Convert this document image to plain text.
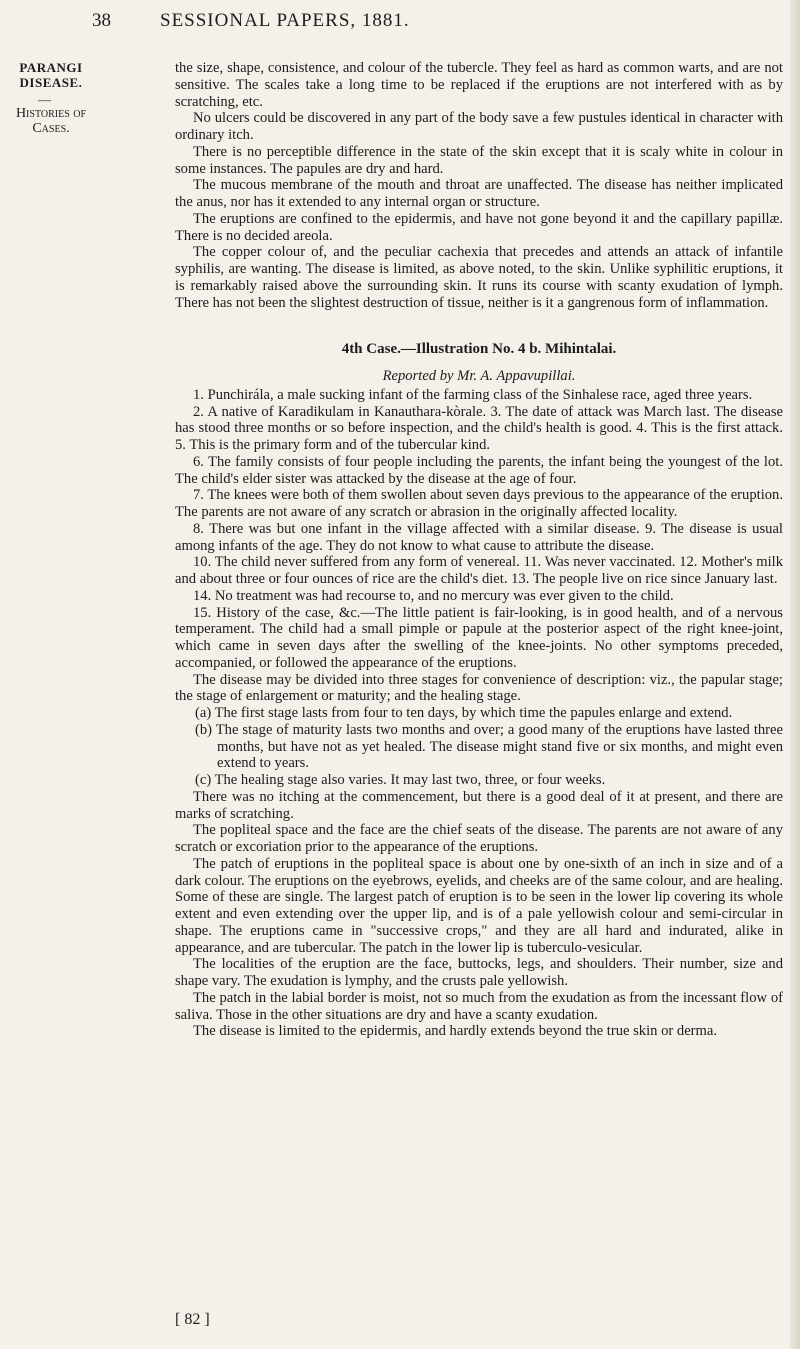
38	SESSIONAL PAPERS, 1881.
PARANGI DISEASE.
—
Histories of Cases.

the size, shape, consistence, and colour of the tubercle. They feel as hard as common warts, and are not sensitive. The scales take a long time to be replaced if the eruptions are not interfered with as by scratching, etc.

No ulcers could be discovered in any part of the body save a few pustules identical in character with ordinary itch.

There is no perceptible difference in the state of the skin except that it is scaly white in colour in some instances. The papules are dry and hard.

The mucous membrane of the mouth and throat are unaffected. The disease has neither implicated the anus, nor has it extended to any internal organ or structure.

The eruptions are confined to the epidermis, and have not gone beyond it and the capillary papillæ. There is no decided areola.

The copper colour of, and the peculiar cachexia that precedes and attends an attack of infantile syphilis, are wanting. The disease is limited, as above noted, to the skin. Unlike syphilitic eruptions, it is remarkably raised above the surrounding skin. It runs its course with scanty exudation of lymph. There has not been the slightest destruction of tissue, neither is it a gangrenous form of inflammation.

4th Case.—Illustration No. 4 b. Mihintalai.

Reported by Mr. A. Appavupillai.

1. Punchirála, a male sucking infant of the farming class of the Sinhalese race, aged three years.

2. A native of Karadikulam in Kanauthara-kòrale. 3. The date of attack was March last. The disease has stood three months or so before inspection, and the child's health is good. 4. This is the first attack. 5. This is the primary form and of the tubercular kind.

6. The family consists of four people including the parents, the infant being the youngest of the lot. The child's elder sister was attacked by the disease at the age of four.

7. The knees were both of them swollen about seven days previous to the appearance of the eruption. The parents are not aware of any scratch or abrasion in the originally affected locality.

8. There was but one infant in the village affected with a similar disease. 9. The disease is usual among infants of the age. They do not know to what cause to attribute the disease.

10. The child never suffered from any form of venereal. 11. Was never vaccinated. 12. Mother's milk and about three or four ounces of rice are the child's diet. 13. The people live on rice since January last.

14. No treatment was had recourse to, and no mercury was ever given to the child.

15. History of the case, &c.—The little patient is fair-looking, is in good health, and of a nervous temperament. The child had a small pimple or papule at the posterior aspect of the right knee-joint, which came in seven days after the swelling of the knee-joints. No other symptoms preceded, accompanied, or followed the appearance of the eruptions.

The disease may be divided into three stages for convenience of description: viz., the papular stage; the stage of enlargement or maturity; and the healing stage.

(a) The first stage lasts from four to ten days, by which time the papules enlarge and extend.

(b) The stage of maturity lasts two months and over; a good many of the eruptions have lasted three months, but have not as yet healed. The disease might stand five or six months, and might even extend to years.

(c) The healing stage also varies. It may last two, three, or four weeks.

There was no itching at the commencement, but there is a good deal of it at present, and there are marks of scratching.

The popliteal space and the face are the chief seats of the disease. The parents are not aware of any scratch or excoriation prior to the appearance of the eruptions.

The patch of eruptions in the popliteal space is about one by one-sixth of an inch in size and of a dark colour. The eruptions on the eyebrows, eyelids, and cheeks are of the same colour, and are healing. Some of these are single. The largest patch of eruption is to be seen in the lower lip covering its whole extent and even extending over the upper lip, and is of a pale yellowish colour and semi-circular in shape. The eruptions came in "successive crops," and they are all hard and indurated, alike in appearance, and are tubercular. The patch in the lower lip is tuberculo-vesicular.

The localities of the eruption are the face, buttocks, legs, and shoulders. Their number, size and shape vary. The exudation is lymphy, and the crusts pale yellowish.

The patch in the labial border is moist, not so much from the exudation as from the incessant flow of saliva. Those in the other situations are dry and have a scanty exudation.

The disease is limited to the epidermis, and hardly extends beyond the true skin or derma.

[ 82 ]
